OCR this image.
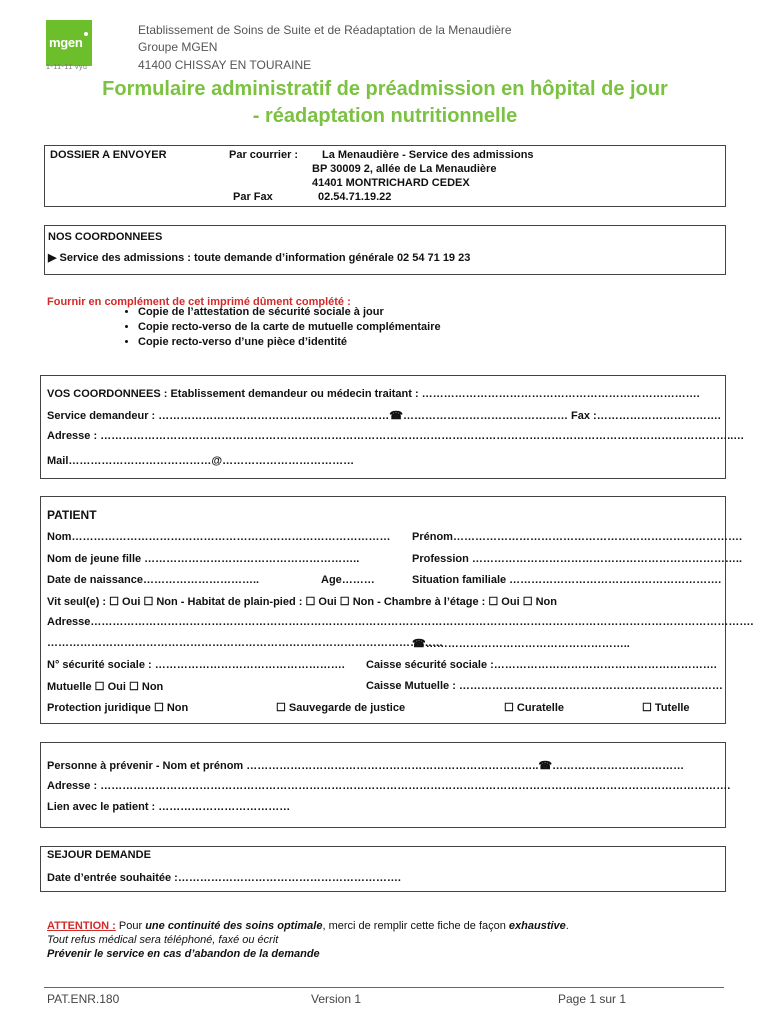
mgen
1-11-11 vyu
Etablissement de Soins de Suite et de Réadaptation de la Menaudière
Groupe MGEN
41400 CHISSAY EN TOURAINE
Formulaire administratif de préadmission en hôpital de jour
- réadaptation nutritionnelle
DOSSIER A ENVOYER	Par courrier : La Menaudière - Service des admissions
BP 30009 2, allée de La Menaudière
41401 MONTRICHARD CEDEX
Par Fax	02.54.71.19.22
NOS COORDONNEES
▶ Service des admissions : toute demande d’information générale 02 54 71 19 23
Fournir en complément de cet imprimé dûment complété :
• Copie de l’attestation de sécurité sociale à jour
• Copie recto-verso de la carte de mutuelle complémentaire
• Copie recto-verso d’une pièce d’identité
VOS COORDONNEES : Etablissement demandeur ou médecin traitant : ………………………………………………………………….
Service demandeur : ………………………………………………………☎……………………………………… Fax :…………………………….
Adresse : ………………………………………………………………………………………………………………………………………………………..…
Mail…………………………………@………………………………
PATIENT
Nom…………………………………………………………………………… Prénom…………………………………………………………………….
Nom de jeune fille …………………………………………………..	Profession ………………………………………………………………..
Date de naissance…………………………..	Age………	Situation familiale ………………………………………………….
Vit seul(e) : ☐ Oui ☐ Non - Habitat de plain-pied : ☐ Oui ☐ Non - Chambre à l’étage : ☐ Oui ☐ Non
Adresse……………………………………………………………………………………………………………………………………………………………….
………………………………………………………………………………………………
☎………………………………………………..
N° sécurité sociale : ……………………………………………. Caisse sécurité sociale :…………………………………………………….
Mutuelle ☐ Oui ☐ Non	Caisse Mutuelle : ………………………………………………………………
Protection juridique ☐ Non	☐ Sauvegarde de justice	☐ Curatelle	☐ Tutelle
Personne à prévenir - Nom et prénom ……………………………………………………………………..☎………………………………
Adresse : ……………………………………………………………………………………………………………………………………………………….
Lien avec le patient : ………………………………
SEJOUR DEMANDE
Date d’entrée souhaitée :…………………………………………………….
ATTENTION : Pour une continuité des soins optimale, merci de remplir cette fiche de façon exhaustive.
Tout refus médical sera téléphoné, faxé ou écrit
Prévenir le service en cas d’abandon de la demande
PAT.ENR.180	Version 1	Page 1 sur 1
